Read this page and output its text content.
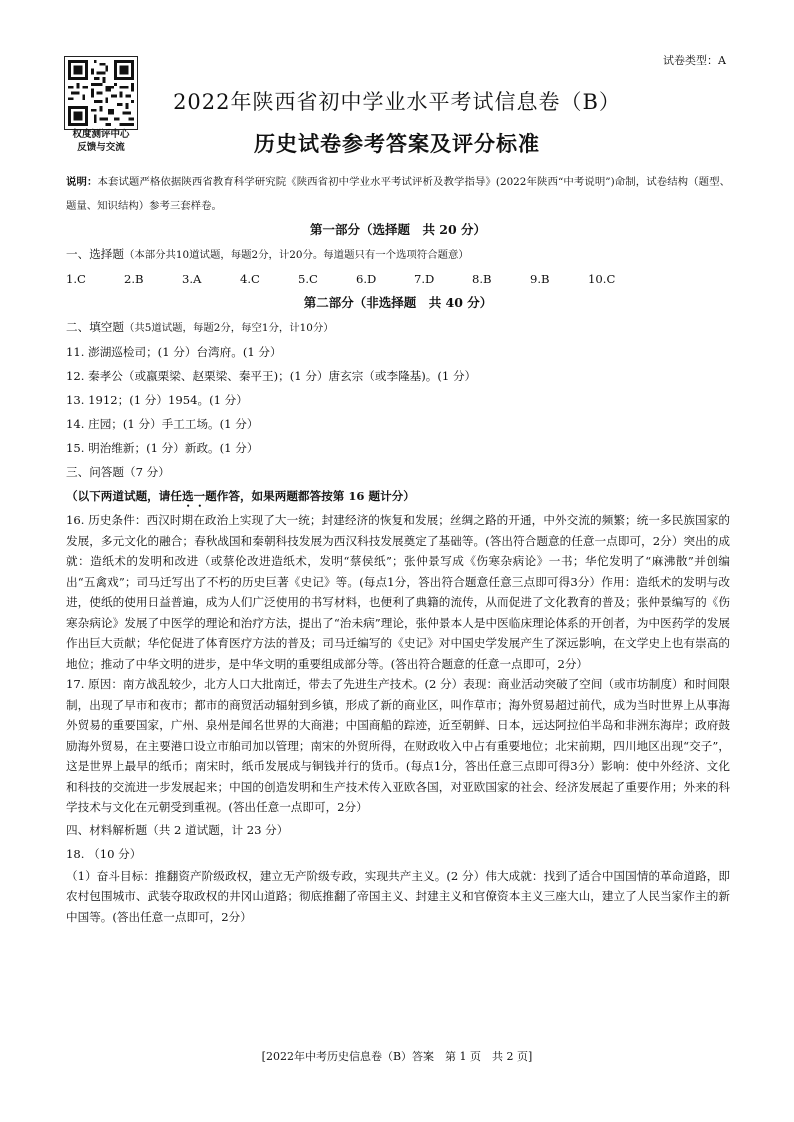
权度测评中心
反馈与交流
试卷类型：A
2022年陕西省初中学业水平考试信息卷（B）
历史试卷参考答案及评分标准

说明：本套试题严格依据陕西省教育科学研究院《陕西省初中学业水平考试评析及教学指导》(2022年陕西“中考说明”)命制，试卷结构（题型、题量、知识结构）参考三套样卷。

第一部分（选择题　共 20 分）

一、选择题（本部分共10道试题，每题2分，计20分。每道题只有一个选项符合题意）

1.C	2.B	3.A	4.C	5.C	6.D	7.D	8.B	9.B	10.C

第二部分（非选择题　共 40 分）

二、填空题（共5道试题，每题2分，每空1分，计10分）

11. 澎湖巡检司；(1 分）台湾府。(1 分）

12. 秦孝公（或嬴栗梁、赵栗梁、秦平王)；(1 分）唐玄宗（或李隆基)。(1 分）

13. 1912；(1 分）1954。(1 分）

14. 庄园；(1 分）手工工场。(1 分）

15. 明治维新；(1 分）新政。(1 分）

三、问答题（7 分）

（以下两道试题，请任选一题作答，如果两题都答按第 16 题计分）

16. 历史条件：西汉时期在政治上实现了大一统；封建经济的恢复和发展；丝绸之路的开通，中外交流的频繁；统一多民族国家的发展，多元文化的融合；春秋战国和秦朝科技发展为西汉科技发展奠定了基础等。(答出符合题意的任意一点即可，2分）突出的成就：造纸术的发明和改进（或蔡伦改进造纸术，发明“蔡侯纸”；张仲景写成《伤寒杂病论》一书；华佗发明了“麻沸散”并创编出“五禽戏”；司马迁写出了不朽的历史巨著《史记》等。(每点1分，答出符合题意任意三点即可得3分）作用：造纸术的发明与改进，使纸的使用日益普遍，成为人们广泛使用的书写材料，也便利了典籍的流传，从而促进了文化教育的普及；张仲景编写的《伤寒杂病论》发展了中医学的理论和治疗方法，提出了“治未病”理论，张仲景本人是中医临床理论体系的开创者，为中医药学的发展作出巨大贡献；华佗促进了体育医疗方法的普及；司马迁编写的《史记》对中国史学发展产生了深远影响，在文学史上也有崇高的地位；推动了中华文明的进步，是中华文明的重要组成部分等。(答出符合题意的任意一点即可，2分）

17. 原因：南方战乱较少，北方人口大批南迁，带去了先进生产技术。(2 分）表现：商业活动突破了空间（或市坊制度）和时间限制，出现了早市和夜市；都市的商贸活动辐射到乡镇，形成了新的商业区，叫作草市；海外贸易超过前代，成为当时世界上从事海外贸易的重要国家，广州、泉州是闻名世界的大商港；中国商船的踪迹，近至朝鲜、日本，远达阿拉伯半岛和非洲东海岸；政府鼓励海外贸易，在主要港口设立市舶司加以管理；南宋的外贸所得，在财政收入中占有重要地位；北宋前期，四川地区出现“交子”，这是世界上最早的纸币；南宋时，纸币发展成与铜钱并行的货币。(每点1分，答出任意三点即可得3分）影响：使中外经济、文化和科技的交流进一步发展起来；中国的创造发明和生产技术传入亚欧各国，对亚欧国家的社会、经济发展起了重要作用；外来的科学技术与文化在元朝受到重视。(答出任意一点即可，2分）

四、材料解析题（共 2 道试题，计 23 分）

18. （10 分）

（1）奋斗目标：推翻资产阶级政权，建立无产阶级专政，实现共产主义。(2 分）伟大成就：找到了适合中国国情的革命道路，即农村包围城市、武装夺取政权的井冈山道路；彻底推翻了帝国主义、封建主义和官僚资本主义三座大山，建立了人民当家作主的新中国等。(答出任意一点即可，2分）

[2022年中考历史信息卷（B）答案　第 1 页　共 2 页]
